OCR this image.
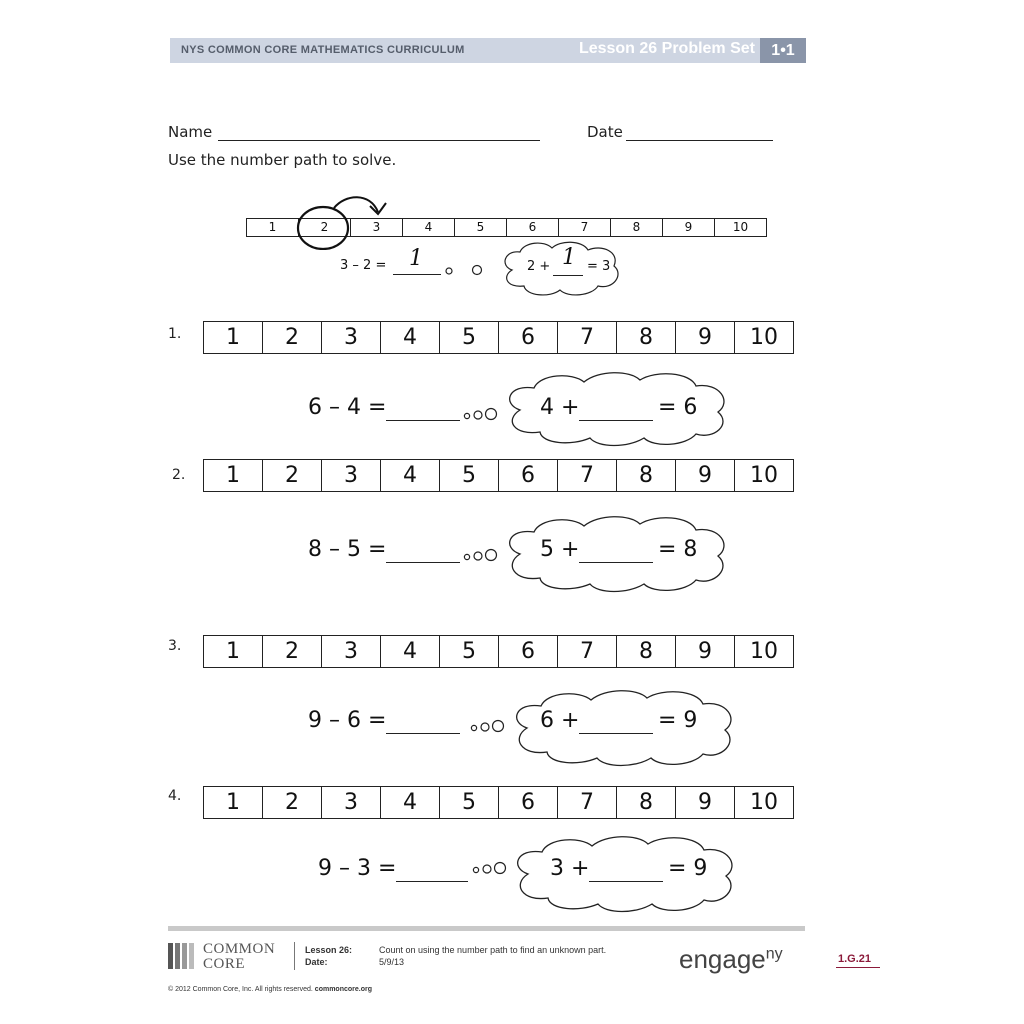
NYS COMMON CORE MATHEMATICS CURRICULUM	Lesson 26 Problem Set	1•1
Name	Date
Use the number path to solve.
1	2	3	4	5	6	7	8	9	10
3 – 2 = 1	2 + 1 = 3
1.	1	2	3	4	5	6	7	8	9	10
6 – 4 =	4 +	= 6
2.	1	2	3	4	5	6	7	8	9	10
8 – 5 =	5 +	= 8
3.	1	2	3	4	5	6	7	8	9	10
9 – 6 =	6 +	= 9
4.	1	2	3	4	5	6	7	8	9	10
9 – 3 =	3 +	= 9
COMMON
CORE
Lesson 26:
Date:
Count on using the number path to find an unknown part.
5/9/13
© 2012 Common Core, Inc. All rights reserved. commoncore.org
engage$^{ny}$	1.G.21
